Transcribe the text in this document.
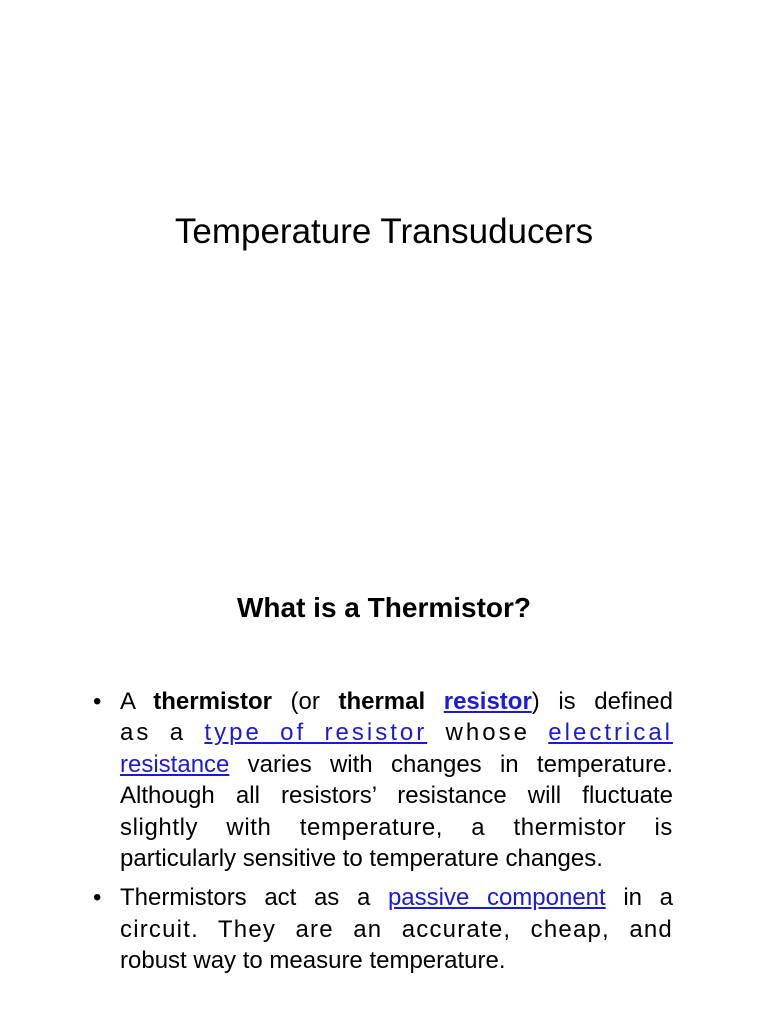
Temperature Transuducers
What is a Thermistor?
• A thermistor (or thermal resistor) is defined
as a type of resistor whose electrical
resistance varies with changes in temperature.
Although all resistors’ resistance will fluctuate
slightly with temperature, a thermistor is
particularly sensitive to temperature changes.
• Thermistors act as a passive component in a
circuit. They are an accurate, cheap, and
robust way to measure temperature.
